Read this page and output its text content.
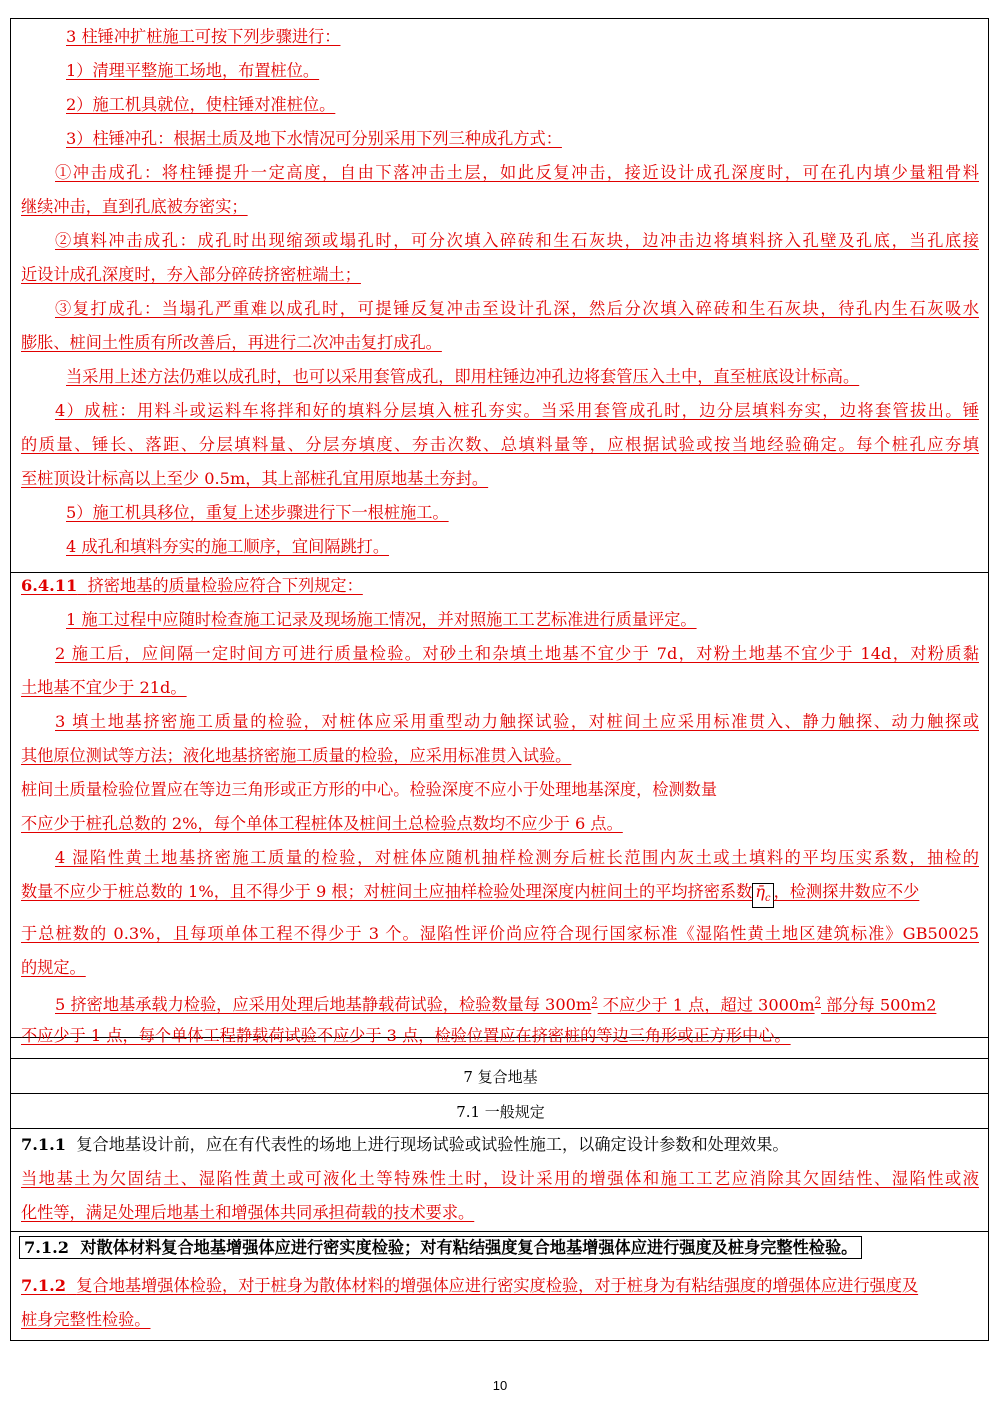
3 柱锤冲扩桩施工可按下列步骤进行：
1）清理平整施工场地，布置桩位。
2）施工机具就位，使柱锤对准桩位。
3）柱锤冲孔：根据土质及地下水情况可分别采用下列三种成孔方式：
①冲击成孔：将柱锤提升一定高度，自由下落冲击土层，如此反复冲击，接近设计成孔深度时，可在孔内填少量粗骨料
继续冲击，直到孔底被夯密实；
②填料冲击成孔：成孔时出现缩颈或塌孔时，可分次填入碎砖和生石灰块，边冲击边将填料挤入孔壁及孔底，当孔底接
近设计成孔深度时，夯入部分碎砖挤密桩端土；
③复打成孔：当塌孔严重难以成孔时，可提锤反复冲击至设计孔深，然后分次填入碎砖和生石灰块，待孔内生石灰吸水
膨胀、桩间土性质有所改善后，再进行二次冲击复打成孔。
当采用上述方法仍难以成孔时，也可以采用套管成孔，即用柱锤边冲孔边将套管压入土中，直至桩底设计标高。
4）成桩：用料斗或运料车将拌和好的填料分层填入桩孔夯实。当采用套管成孔时，边分层填料夯实，边将套管拔出。锤
的质量、锤长、落距、分层填料量、分层夯填度、夯击次数、总填料量等，应根据试验或按当地经验确定。每个桩孔应夯填
至桩顶设计标高以上至少 0.5m，其上部桩孔宜用原地基土夯封。
5）施工机具移位，重复上述步骤进行下一根桩施工。
4 成孔和填料夯实的施工顺序，宜间隔跳打。
6.4.11 挤密地基的质量检验应符合下列规定：
1 施工过程中应随时检查施工记录及现场施工情况，并对照施工工艺标准进行质量评定。
2 施工后，应间隔一定时间方可进行质量检验。对砂土和杂填土地基不宜少于 7d，对粉土地基不宜少于 14d，对粉质黏
土地基不宜少于 21d。
3 填土地基挤密施工质量的检验，对桩体应采用重型动力触探试验，对桩间土应采用标准贯入、静力触探、动力触探或
其他原位测试等方法；液化地基挤密施工质量的检验，应采用标准贯入试验。
桩间土质量检验位置应在等边三角形或正方形的中心。检验深度不应小于处理地基深度，检测数量
不应少于桩孔总数的 2%，每个单体工程桩体及桩间土总检验点数均不应少于 6 点。
4 湿陷性黄土地基挤密施工质量的检验，对桩体应随机抽样检测夯后桩长范围内灰土或土填料的平均压实系数，抽检的
数量不应少于桩总数的 1%，且不得少于 9 根；对桩间土应抽样检验处理深度内桩间土的平均挤密系数 $\etā_c$ ，检测探井数应不少
于总桩数的 0.3%，且每项单体工程不得少于 3 个。湿陷性评价尚应符合现行国家标准《湿陷性黄土地区建筑标准》GB50025
的规定。
5 挤密地基承载力检验，应采用处理后地基静载荷试验，检验数量每 $300m^2$ 不应少于 1 点，超过 $3000m^2$ 部分每 500m2
不应少于 1 点，每个单体工程静载荷试验不应少于 3 点，检验位置应在挤密桩的等边三角形或正方形中心。
7 复合地基
7.1 一般规定
7.1.1 复合地基设计前，应在有代表性的场地上进行现场试验或试验性施工，以确定设计参数和处理效果。
当地基土为欠固结土、湿陷性黄土或可液化土等特殊性土时，设计采用的增强体和施工工艺应消除其欠固结性、湿陷性或液
化性等，满足处理后地基土和增强体共同承担荷载的技术要求。
7.1.2 对散体材料复合地基增强体应进行密实度检验；对有粘结强度复合地基增强体应进行强度及桩身完整性检验。
7.1.2 复合地基增强体检验，对于桩身为散体材料的增强体应进行密实度检验，对于桩身为有粘结强度的增强体应进行强度及
桩身完整性检验。
10
